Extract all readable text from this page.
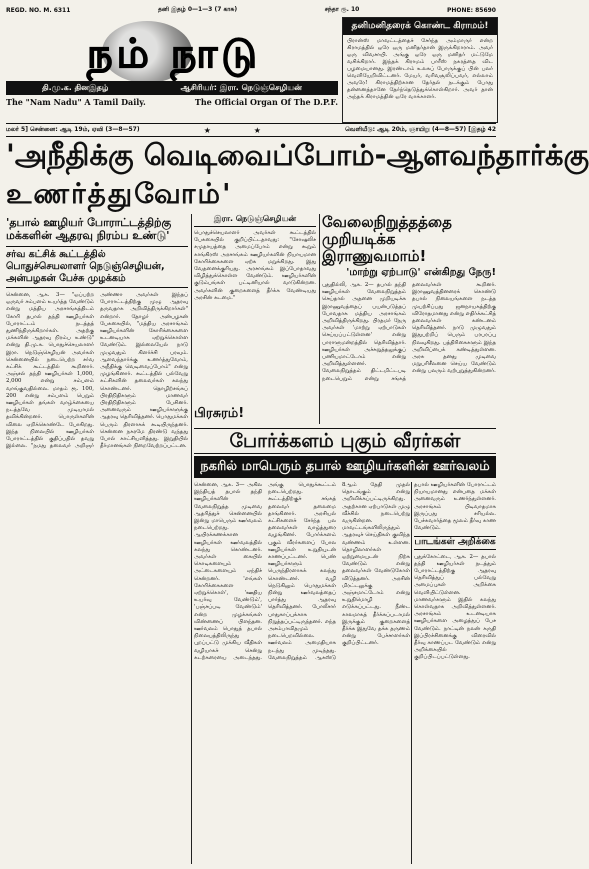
REGD. NO. M. 6311	தனி இதழ் 0—1—3 (7 காசு)	சந்தா ரூ. 10	PHONE: 85690
நம் நாடு
தி.மு.க. தினஇதழ்	ஆசிரியர்: இரா. நெடுஞ்செழியன்
The "Nam Nadu" A Tamil Daily.	The Official Organ Of The D.P.F.
தனிமனிதரைக் கொண்ட கிராமம்!
பிரான்ஸ் மாவட்டத்தைச் சேர்ந்த அம்மாருர் என்ற கிராமத்தில் ஒரே ஒரு மனிதர்தான் இருக்கிறாராம். அவர் ஒரு விவசாயி. அங்கு ஒரே ஒரு மனிதர் மட்டுமே வசிக்கிறார். இந்தக் கிராமம் பாரீஸ் நகரத்தை விட பழமையானது. இரண்டாம் உலகப் போருக்குப் பின் பலர் வெளியேறிவிட்டனர். மேயர், வரிவசூலிப்பவர், எல்லாம் அவரே! கிராமத்திற்கான தேர்தல் நடக்கும் போது தன்னைத்தானே தேர்ந்தெடுத்துக்கொள்கிறார். அவர் தான் அந்தக் கிராமத்தின் ஒரே வாக்காளர்.
மலர் 5] சென்னை: ஆடி 19ம், ஏவி (3—8—57)	★ ★	வெளியீடு: ஆடி 20ம், ஞாயிறு (4—8—57) [இதழ் 42
'அநீதிக்கு வெடிவைப்போம்-ஆளவந்தார்க்கு
உணர்த்துவோம்'
'தபால் ஊழியர் போராட்டத்திற்கு மக்களின் ஆதரவு நிரம்ப உண்டு'
சர்வ கட்சிக் கூட்டத்தில் பொதுச்செயலாளர் நெடுஞ்செழியன், அன்பழகன் பேச்சு முழக்கம்
சென்னை, ஆக. 3— "ஒப்பற்ற ஒருவர் சம்பளம் உயர்த்த வேண்டும் என்று மத்திய அரசாங்கத்திடம் கோரி தபால் தந்தி ஊழியர்கள் போராட்டம் நடத்தத் துணிந்திருக்கிறார்கள். அதற்கு மக்களின் ஆதரவு நிரம்ப உண்டு" என்று தி.மு.க. பொதுச்செயலாளர் இரா. நெடுஞ்செழியன் அவர்கள் சென்னையில் நடைபெற்ற சர்வ கட்சிக் கூட்டத்தில் கூறினார். அஞ்சல் தந்தி ஊழியர்கள் 1,000, 2,000 என்று சம்பளம் வாங்குவதில்லை. மாதம் ரூ. 100, 200 என்று சம்பளம் பெறும் ஊழியர்கள் தங்கள் வாழ்க்கையை நடத்தவே முடியாமல் தவிக்கின்றனர். பொருள்களின் விலை ஏறிக்கொண்டே போகிறது. இந்த நிலையில் ஊழியர்கள் போராட்டத்தில் குதிப்பதில் தவறு இல்லை. "நமது தலைவர் அறிஞர் அண்ணா அவர்கள் இந்தப் போராட்டத்திற்கு முழு ஆதரவு தருவதாக அறிவித்திருக்கிறார்கள்" என்றார். தோழர் அன்பழகன் பேசுகையில், "மத்திய அரசாங்கம் ஊழியர்களின் கோரிக்கைகளை உடனடியாக ஏற்றுக்கொள்ள வேண்டும். இல்லையேல் நாடு முழுவதும் கிளர்ச்சி பரவும். ஆளவந்தார்க்கு உணர்த்துவோம், அநீதிக்கு வெடிவைப்போம்" என்று முழங்கினார். கூட்டத்தில் பல்வேறு கட்சிகளின் தலைவர்கள் கலந்து கொண்டனர். தொழிற்சங்கப் பிரதிநிதிகளும் மாணவர் பிரதிநிதிகளும் பேசினர். அனைவரும் ஊழியர்களுக்கு ஆதரவு தெரிவித்தனர். பொதுமக்கள் பெரும் திரளாகக் கூடியிருந்தனர். சென்னை நகரமே திரண்டு வந்தது போல் காட்சியளித்தது. இறுதியில் தீர்மானங்கள் நிறைவேற்றப்பட்டன.
இரா. நெடுஞ்செழியன்
பொதுச்செயலாளர் அவர்கள் கூட்டத்தில் பேசுகையில் குறிப்பிட்டதாவது: "சோஷலிச சமுதாயத்தை அமைப்போம் என்று கூறும் காங்கிரஸ் அரசாங்கம் ஊழியர்களின் நியாயமான கோரிக்கைகளை ஏற்க மறுக்கிறது. இது வேதனைக்குரியது. அரசாங்கம் இப்போதாவது விழித்துக்கொள்ள வேண்டும். ஊழியர்களின் குடும்பங்கள் பட்டினியால் வாடுகின்றன. அவர்களின் குறைகளைத் தீர்க்க வேண்டியது அரசின் கடமை."
வேலைநிறுத்தத்தை முறியடிக்க இராணுவமாம்!
'மாற்று ஏற்பாடு' என்கிறது நேரு!
புதுதில்லி, ஆக. 2— தபால் தந்தி ஊழியர்கள் வேலைநிறுத்தம் செய்தால் அதனை முறியடிக்க இராணுவத்தைப் பயன்படுத்தப் போவதாக மத்திய அரசாங்கம் அறிவித்திருக்கிறது. பிரதமர் நேரு அவர்கள் 'மாற்று ஏற்பாடுகள் செய்யப்பட்டுள்ளன' என்று பாராளுமன்றத்தில் தெரிவித்தார். ஊழியர்கள் அச்சுறுத்தலுக்குப் பணியமாட்டோம் என்று அறிவித்துள்ளனர். வேலைநிறுத்தம் திட்டமிட்டபடி நடைபெறும் என்று சங்கத் தலைவர்கள் கூறினர். இராணுவத்தினரைக் கொண்டு தபால் நிலையங்களை நடத்த முயற்சிப்பது ஜனநாயகத்திற்கு விரோதமானது என்று எதிர்க்கட்சித் தலைவர்கள் கண்டனம் தெரிவித்தனர். நாடு முழுவதும் இதுபற்றிப் பெரும் பரபரப்பு நிலவுகிறது. பத்திரிகைகளும் இந்த அறிவிப்பைக் கண்டித்துள்ளன. அரசு தனது முடிவை மறுபரிசீலனை செய்ய வேண்டும் என்று பலரும் வற்புறுத்துகின்றனர்.
பிரசுரம்!
போர்க்களம் புகும் வீரர்கள்
நகரில் மாபெரும் தபால் ஊழியர்களின் ஊர்வலம்
சென்னை, ஆக. 3— அகில இந்தியத் தபால் தந்தி ஊழியர்களின் வேலைநிறுத்த முடிவை ஆதரித்துச் சென்னையில் இன்று மாபெரும் ஊர்வலம் நடைபெற்றது. ஆயிரக்கணக்கான ஊழியர்கள் ஊர்வலத்தில் கலந்து கொண்டனர். அவர்கள் கையில் கொடிகளையும் அட்டைகளையும் ஏந்திச் சென்றனர். 'எங்கள் கோரிக்கைகளை ஏற்றுக்கொள்', 'ஊதிய உயர்வு வேண்டும்', 'பஞ்சப்படி வேண்டும்' என்ற முழக்கங்கள் விண்ணைப் பிளந்தன. ஊர்வலம் பொதுத் தபால் நிலையத்திலிருந்து புறப்பட்டு முக்கிய வீதிகள் வழியாகச் சென்று கடற்கரையை அடைந்தது. அங்கு பொதுக்கூட்டம் நடைபெற்றது. கூட்டத்திற்குச் சங்கத் தலைவர் தலைமை தாங்கினார். அரசியல் கட்சிகளைச் சேர்ந்த பல தலைவர்கள் வாழ்த்துரை வழங்கினர். போர்க்களம் புகும் வீரர்களைப் போல ஊழியர்கள் உறுதியுடன் காணப்பட்டனர். பெண் ஊழியர்களும் பெருந்திரளாகக் கலந்து கொண்டனர். வழி நெடுகிலும் பொதுமக்கள் நின்று ஊர்வலத்தைப் பார்த்து ஆதரவு தெரிவித்தனர். போலீசார் பாதுகாப்புக்காக நிறுத்தப்பட்டிருந்தனர். எந்த அசம்பாவிதமும் நடைபெறவில்லை. ஊர்வலம் அமைதியாக நடந்து முடிந்தது. வேலைநிறுத்தம் ஆகஸ்டு 8ஆம் தேதி முதல் தொடங்கும் என்று அறிவிக்கப்பட்டிருக்கிறது. அதற்கான ஏற்பாடுகள் முழு வீச்சில் நடைபெற்று வருகின்றன. மாவட்டங்களிலிருந்தும் ஆதரவுச் செய்திகள் குவிந்த வண்ணம் உள்ளன. தொழிலாளர்கள் ஒற்றுமையுடன் நிற்க வேண்டும் என்று தலைவர்கள் வேண்டுகோள் விடுத்தனர். அரசின் மிரட்டலுக்கு அஞ்சமாட்டோம் என்று உறுதிமொழி எடுக்கப்பட்டது. நீண்ட காலமாகத் தீர்க்கப்படாமல் இருக்கும் குறைகளைத் தீர்க்க இதுவே தக்க தருணம் என்று பேச்சாளர்கள் குறிப்பிட்டனர்.
தபால் ஊழியர்களின் போராட்டம் நியாயமானது என்பதை மக்கள் அனைவரும் உணர்ந்துள்ளனர். அரசாங்கம் பிடிவாதமாக இருப்பது சரியல்ல. பேச்சுவார்த்தை மூலம் தீர்வு காண வேண்டும்.
பாடங்கள் அறிக்கை
புதுக்கோட்டை, ஆக. 2— தபால் தந்தி ஊழியர்கள் நடத்தும் போராட்டத்திற்கு ஆதரவு தெரிவித்துப் பல்வேறு அமைப்புகள் அறிக்கை வெளியிட்டுள்ளன. மாணவர்களும் இதில் கலந்து கொள்வதாக அறிவித்துள்ளனர். அரசாங்கம் உடனடியாக ஊழியர்களை அழைத்துப் பேச வேண்டும். நாட்டின் நலன் கருதி இப்பிரச்சினைக்கு விரைவில் தீர்வு காணப்பட வேண்டும் என்று அறிக்கையில் குறிப்பிடப்பட்டுள்ளது.
